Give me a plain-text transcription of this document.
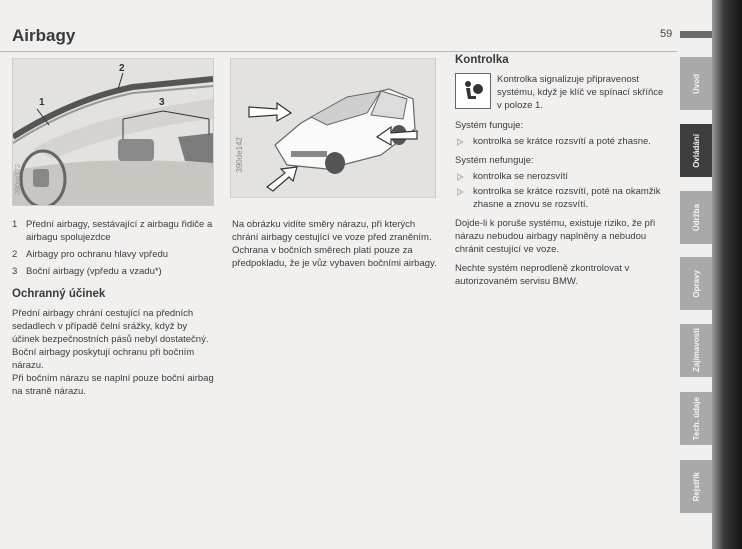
Airbagy	59
2
1	3
390us172
390de142
1 Přední airbagy, sestávající z airbagu řidiče a airbagu spolujezdce
2 Airbagy pro ochranu hlavy vpředu
3 Boční airbagy (vpředu a vzadu*)
Ochranný účinek

Přední airbagy chrání cestující na předních sedadlech v případě čelní srážky, když by účinek bezpečnostních pásů nebyl dostatečný. Boční airbagy poskytují ochranu při bočním nárazu.

Při bočním nárazu se naplní pouze boční airbag na straně nárazu.

Na obrázku vidíte směry nárazu, při kterých chrání airbagy cestující ve voze před zraněním. Ochrana v bočních směrech platí pouze za předpokladu, že je vůz vybaven bočními airbagy.

Kontrolka
Kontrolka signalizuje připravenost systému, když je klíč ve spínací skříňce v poloze 1.

Systém funguje:

kontrolka se krátce rozsvítí a poté zhasne.

Systém nefunguje:

kontrolka se nerozsvítí
kontrolka se krátce rozsvítí, poté na okamžik zhasne a znovu se rozsvítí.

Dojde-li k poruše systému, existuje riziko, že při nárazu nebudou airbagy naplněny a nebudou chránit cestující ve voze.

Nechte systém neprodleně zkontrolovat v autorizovaném servisu BMW.

Úvod
Ovládání
Údržba
Opravy
Zajímavosti
Tech. údaje
Rejstřík
